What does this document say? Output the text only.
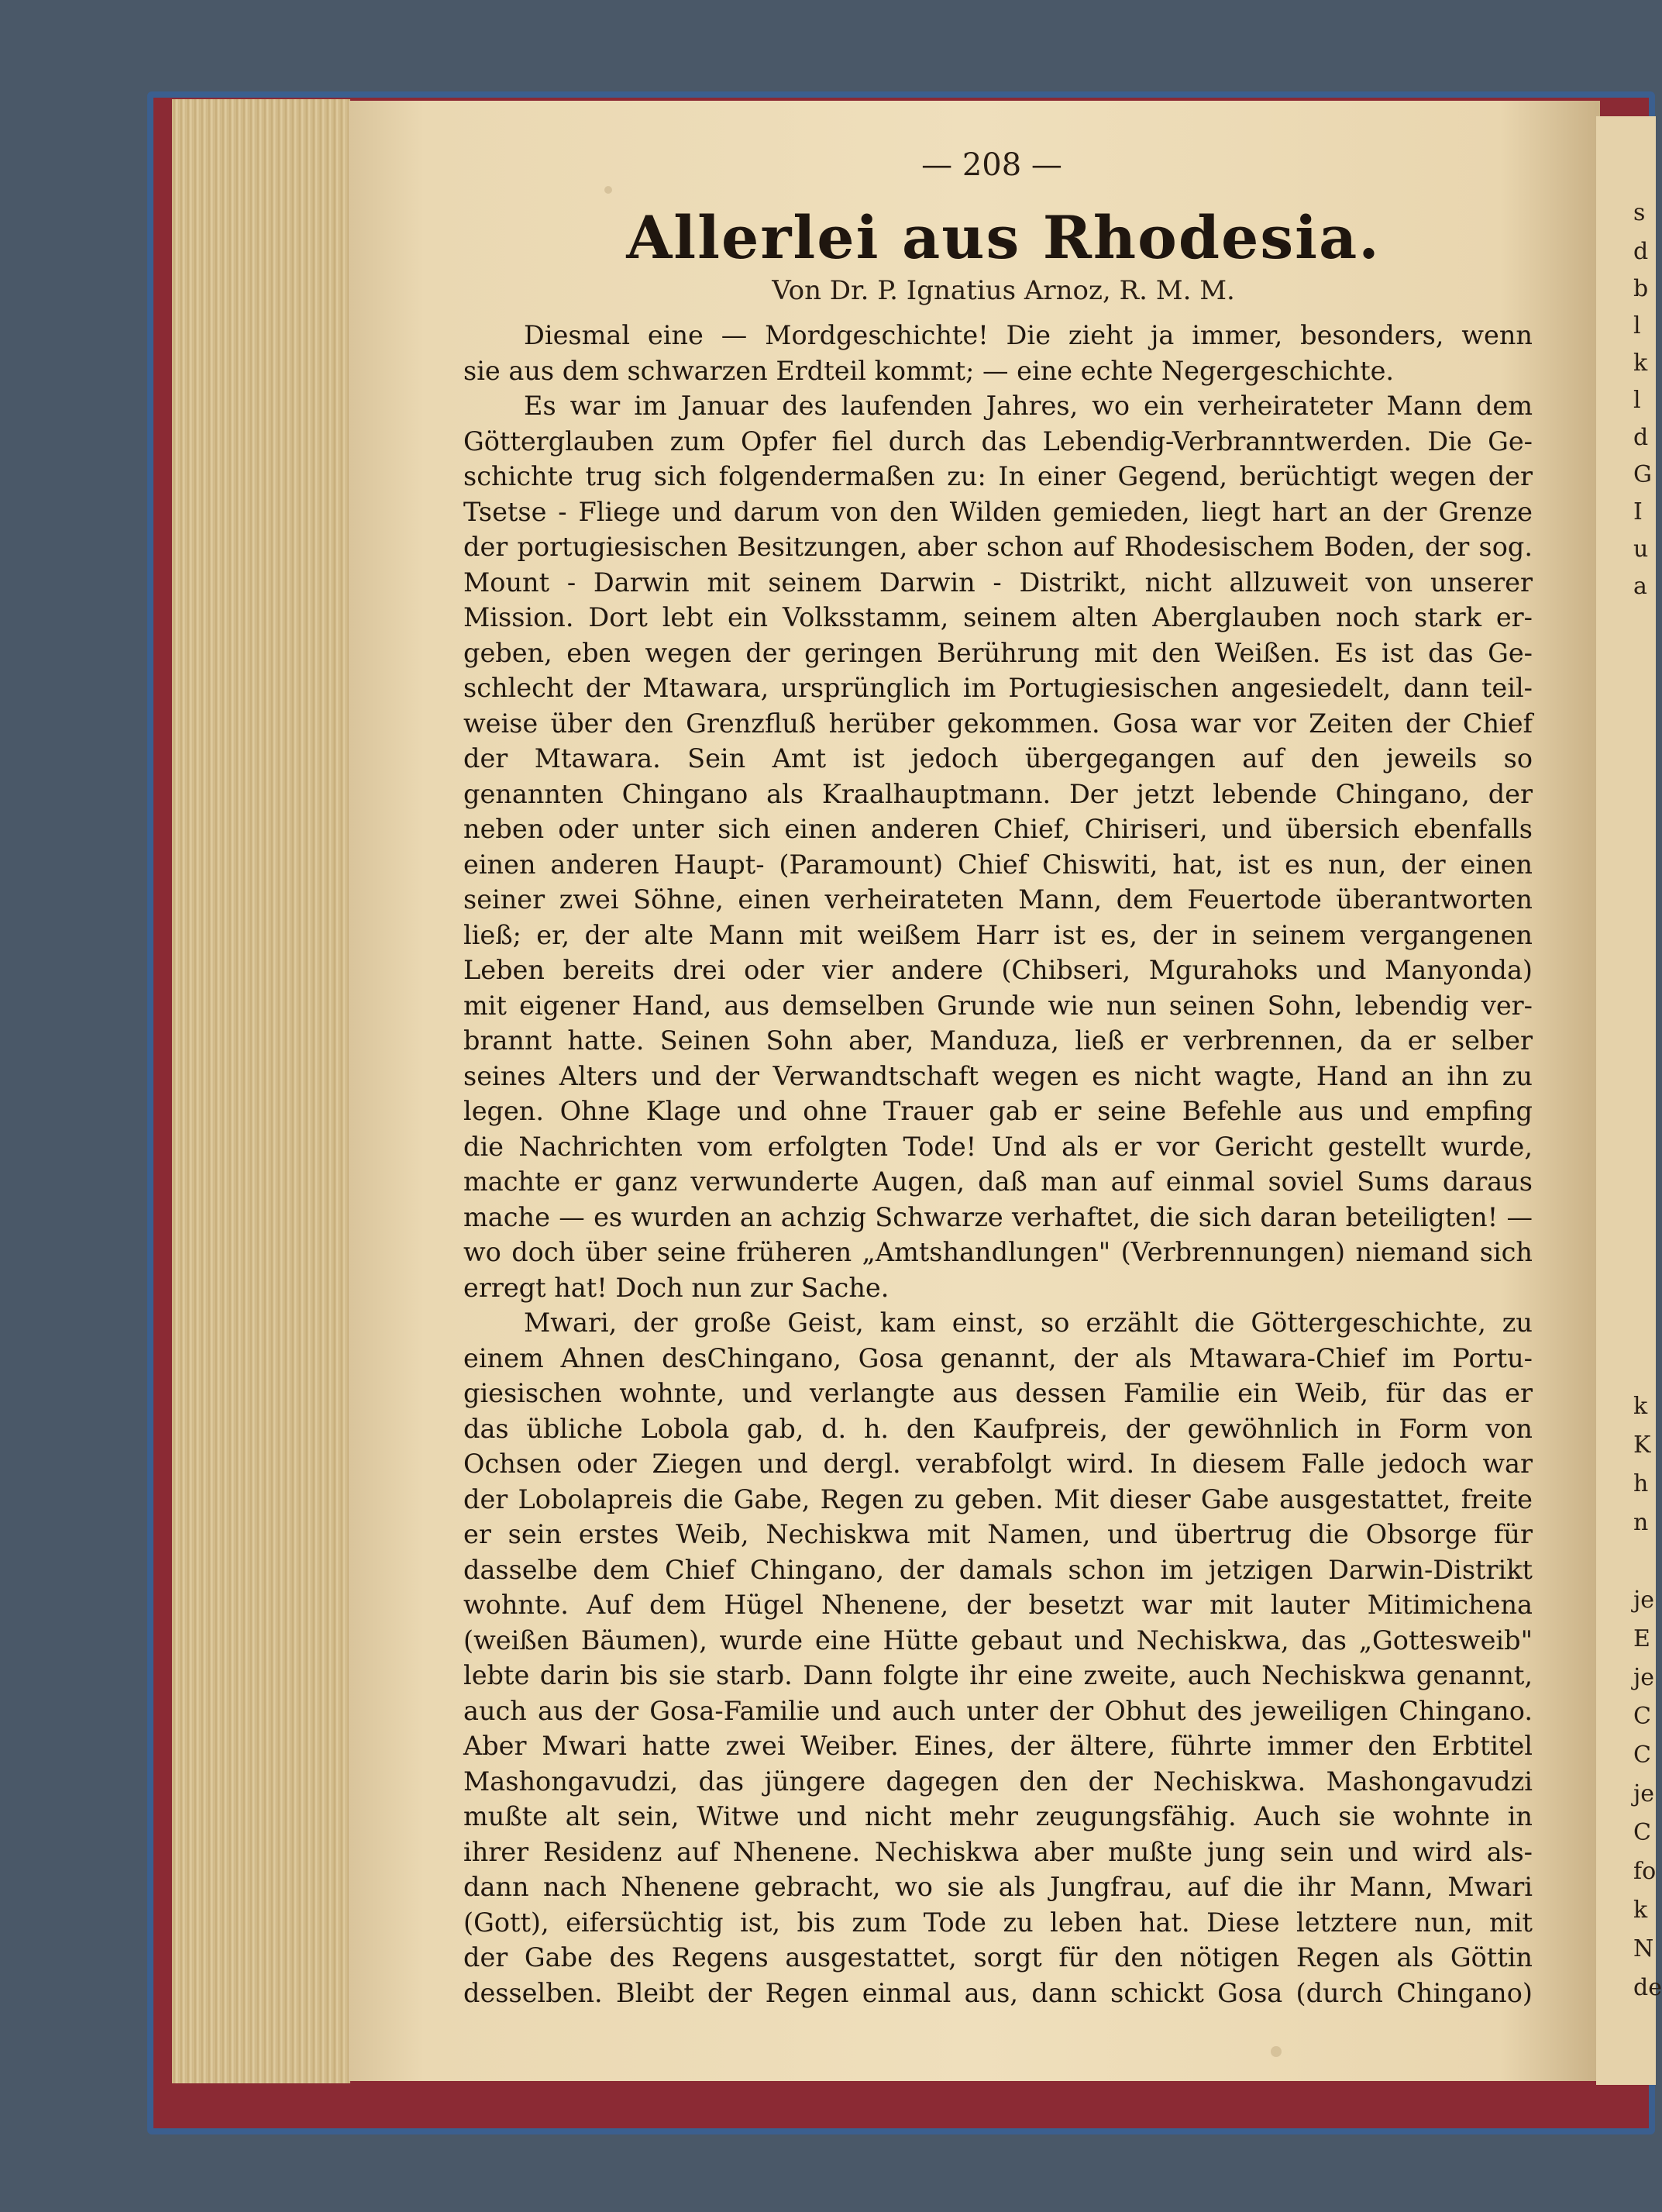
s
d
b
l
k
l
d
G
I
u
a
k
K
h
n
je
E
je
C
C
je
C
fo
k
N
de
— 208 —
Allerlei aus Rhodesia.
Von Dr. P. Ignatius Arnoz, R. M. M.
Diesmal eine — Mordgeschichte! Die zieht ja immer, besonders, wenn
sie aus dem schwarzen Erdteil kommt; — eine echte Negergeschichte.
Es war im Januar des laufenden Jahres, wo ein verheirateter Mann dem
Götterglauben zum Opfer fiel durch das Lebendig-Verbranntwerden. Die Ge-
schichte trug sich folgendermaßen zu: In einer Gegend, berüchtigt wegen der
Tsetse - Fliege und darum von den Wilden gemieden, liegt hart an der Grenze
der portugiesischen Besitzungen, aber schon auf Rhodesischem Boden, der sog.
Mount - Darwin mit seinem Darwin - Distrikt, nicht allzuweit von unserer
Mission. Dort lebt ein Volksstamm, seinem alten Aberglauben noch stark er-
geben, eben wegen der geringen Berührung mit den Weißen. Es ist das Ge-
schlecht der Mtawara, ursprünglich im Portugiesischen angesiedelt, dann teil-
weise über den Grenzfluß herüber gekommen. Gosa war vor Zeiten der Chief
der Mtawara. Sein Amt ist jedoch übergegangen auf den jeweils so
genannten Chingano als Kraalhauptmann. Der jetzt lebende Chingano, der
neben oder unter sich einen anderen Chief, Chiriseri, und übersich ebenfalls
einen anderen Haupt- (Paramount) Chief Chiswiti, hat, ist es nun, der einen
seiner zwei Söhne, einen verheirateten Mann, dem Feuertode überantworten
ließ; er, der alte Mann mit weißem Harr ist es, der in seinem vergangenen
Leben bereits drei oder vier andere (Chibseri, Mgurahoks und Manyonda)
mit eigener Hand, aus demselben Grunde wie nun seinen Sohn, lebendig ver-
brannt hatte. Seinen Sohn aber, Manduza, ließ er verbrennen, da er selber
seines Alters und der Verwandtschaft wegen es nicht wagte, Hand an ihn zu
legen. Ohne Klage und ohne Trauer gab er seine Befehle aus und empfing
die Nachrichten vom erfolgten Tode! Und als er vor Gericht gestellt wurde,
machte er ganz verwunderte Augen, daß man auf einmal soviel Sums daraus
mache — es wurden an achzig Schwarze verhaftet, die sich daran beteiligten! —
wo doch über seine früheren „Amtshandlungen" (Verbrennungen) niemand sich
erregt hat! Doch nun zur Sache.
Mwari, der große Geist, kam einst, so erzählt die Göttergeschichte, zu
einem Ahnen desChingano, Gosa genannt, der als Mtawara-Chief im Portu-
giesischen wohnte, und verlangte aus dessen Familie ein Weib, für das er
das übliche Lobola gab, d. h. den Kaufpreis, der gewöhnlich in Form von
Ochsen oder Ziegen und dergl. verabfolgt wird. In diesem Falle jedoch war
der Lobolapreis die Gabe, Regen zu geben. Mit dieser Gabe ausgestattet, freite
er sein erstes Weib, Nechiskwa mit Namen, und übertrug die Obsorge für
dasselbe dem Chief Chingano, der damals schon im jetzigen Darwin-Distrikt
wohnte. Auf dem Hügel Nhenene, der besetzt war mit lauter Mitimichena
(weißen Bäumen), wurde eine Hütte gebaut und Nechiskwa, das „Gottesweib"
lebte darin bis sie starb. Dann folgte ihr eine zweite, auch Nechiskwa genannt,
auch aus der Gosa-Familie und auch unter der Obhut des jeweiligen Chingano.
Aber Mwari hatte zwei Weiber. Eines, der ältere, führte immer den Erbtitel
Mashongavudzi, das jüngere dagegen den der Nechiskwa. Mashongavudzi
mußte alt sein, Witwe und nicht mehr zeugungsfähig. Auch sie wohnte in
ihrer Residenz auf Nhenene. Nechiskwa aber mußte jung sein und wird als-
dann nach Nhenene gebracht, wo sie als Jungfrau, auf die ihr Mann, Mwari
(Gott), eifersüchtig ist, bis zum Tode zu leben hat. Diese letztere nun, mit
der Gabe des Regens ausgestattet, sorgt für den nötigen Regen als Göttin
desselben. Bleibt der Regen einmal aus, dann schickt Gosa (durch Chingano)
